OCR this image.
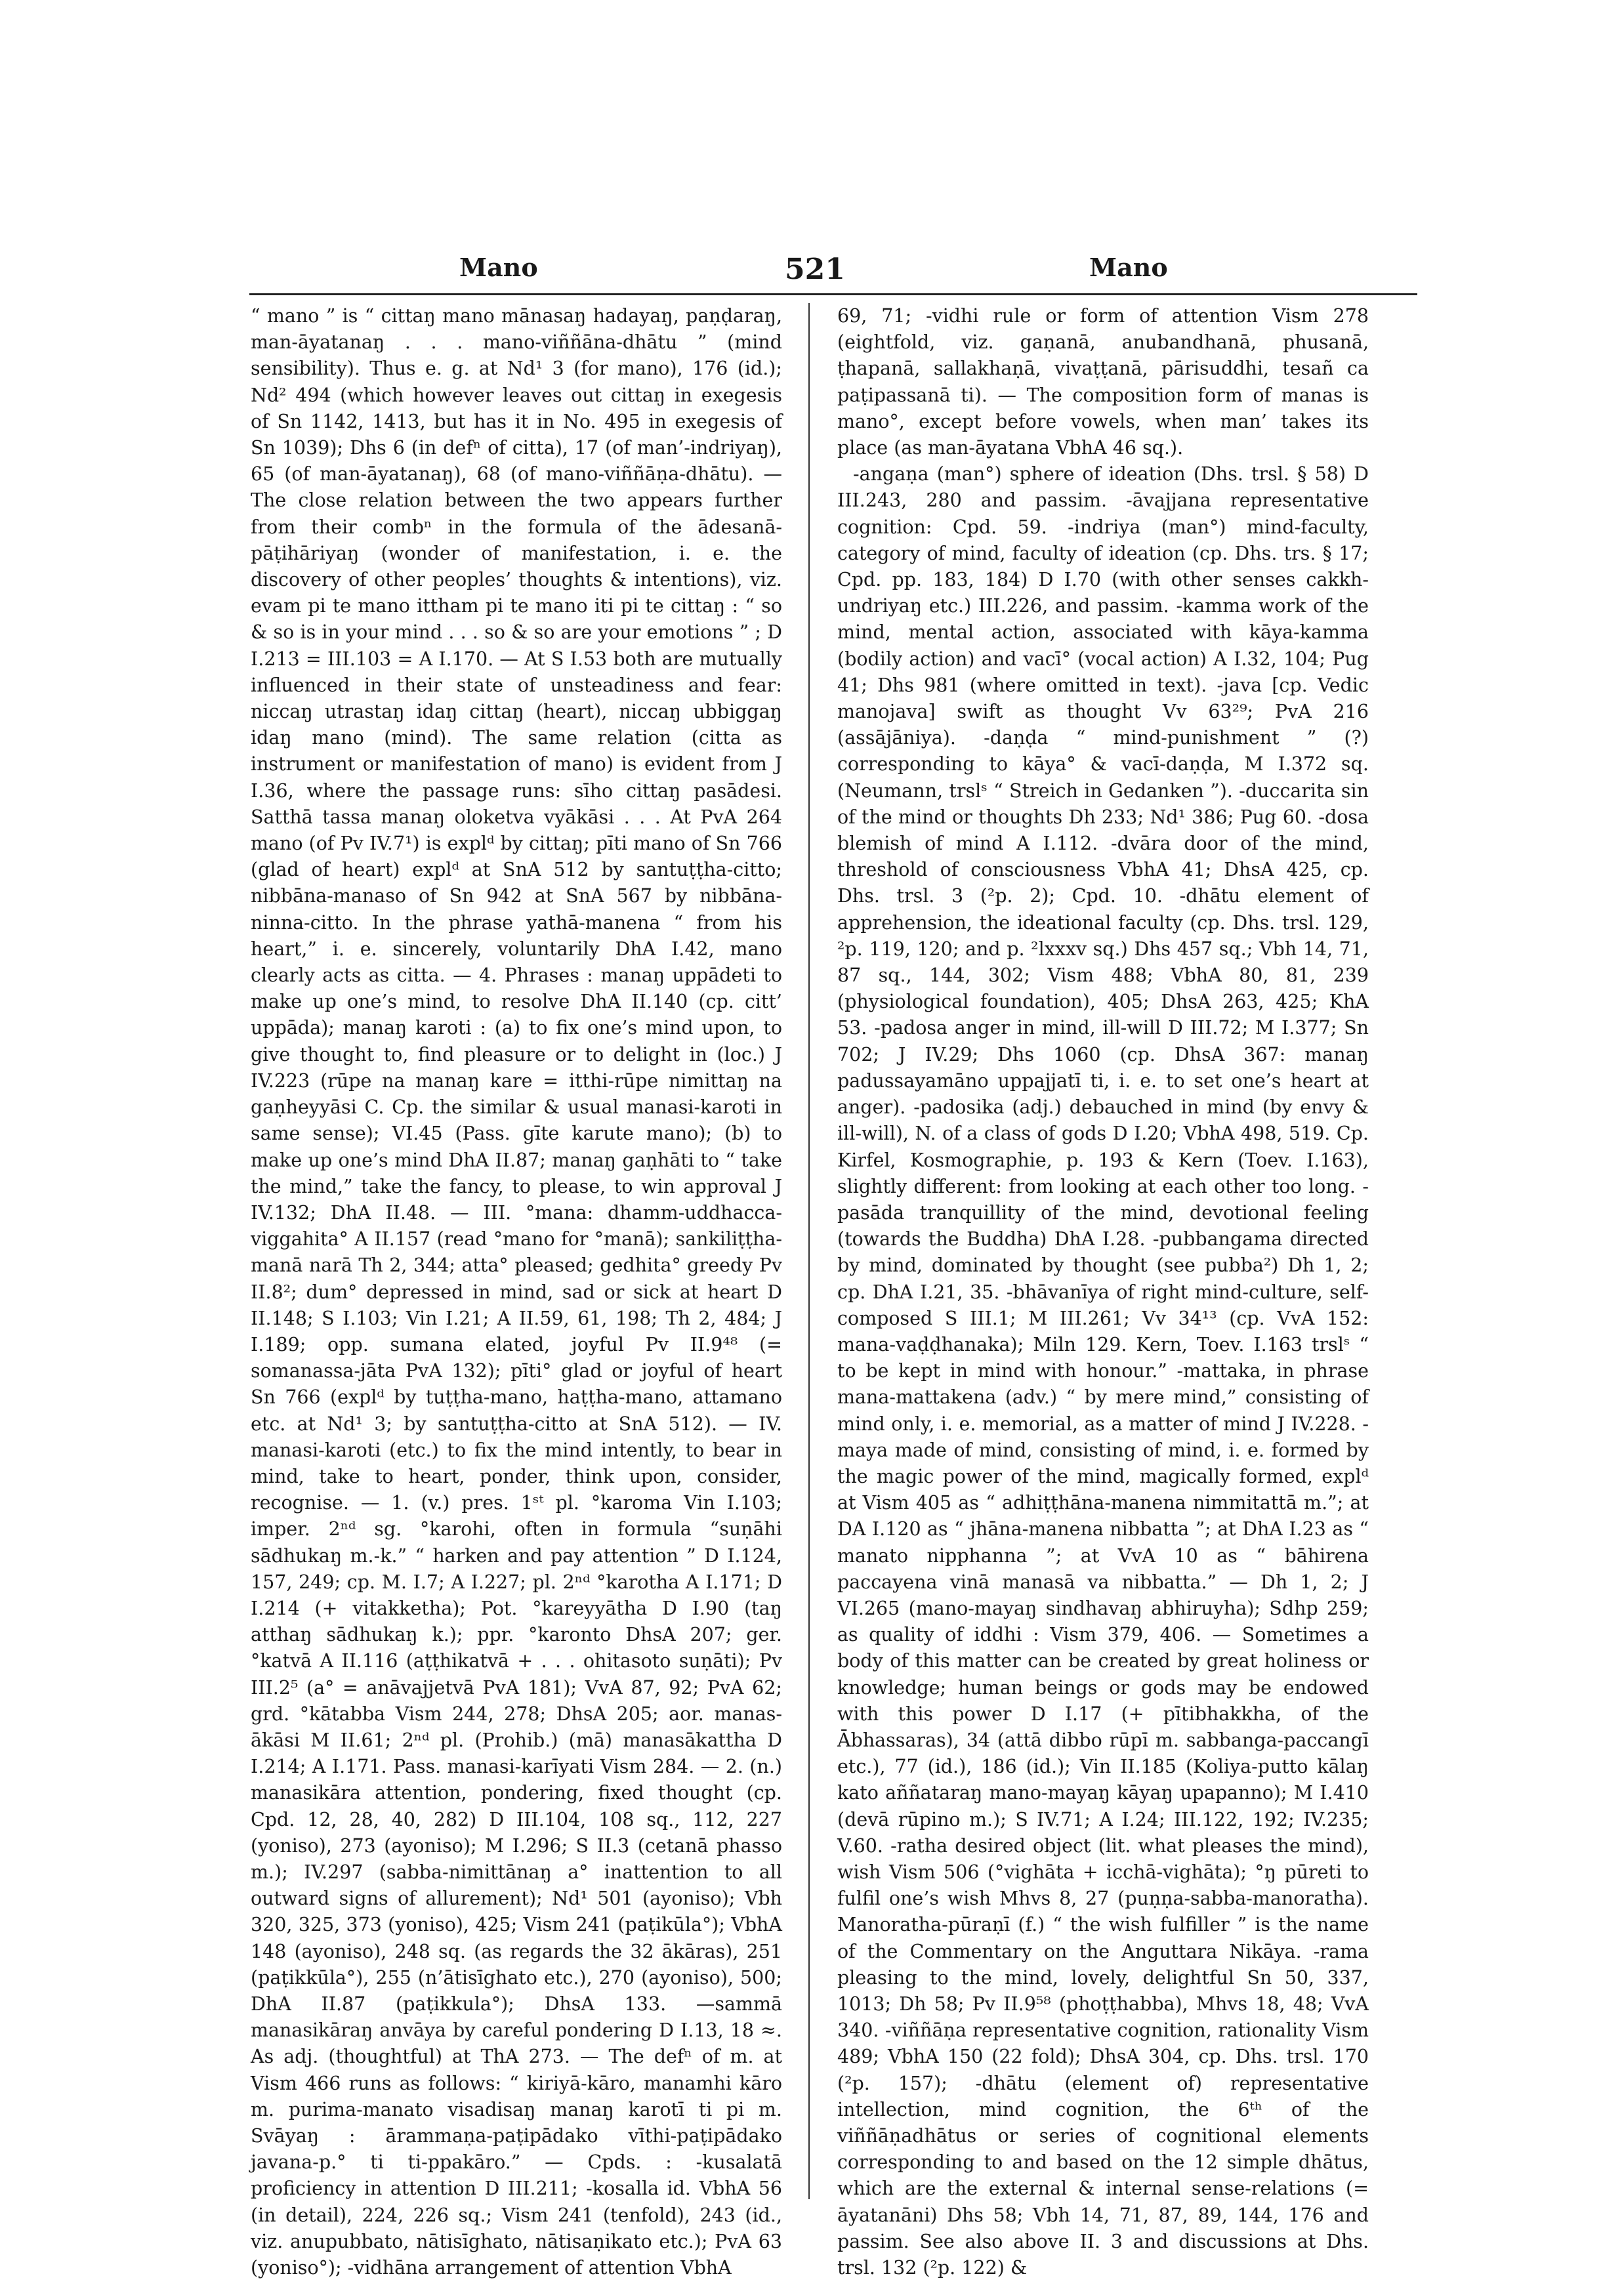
Mano	521	Mano

“ mano ” is “ cittaŋ mano mānasaŋ hadayaŋ, paṇḍaraŋ, man-āyatanaŋ . . . mano-viññāna-dhātu ” (mind sensibility). Thus e. g. at Nd¹ 3 (for mano), 176 (id.); Nd² 494 (which however leaves out cittaŋ in exegesis of Sn 1142, 1413, but has it in No. 495 in exegesis of Sn 1039); Dhs 6 (in defⁿ of citta), 17 (of man’-indriyaŋ), 65 (of man-āyatanaŋ), 68 (of mano-viññāṇa-dhātu). — The close relation between the two appears further from their combⁿ in the formula of the ādesanā-pāṭihāriyaŋ (wonder of manifestation, i. e. the discovery of other peoples’ thoughts & intentions), viz. evam pi te mano ittham pi te mano iti pi te cittaŋ : “ so & so is in your mind . . . so & so are your emotions ” ; D I.213 = III.103 = A I.170. — At S I.53 both are mutually influenced in their state of unsteadiness and fear: niccaŋ utrastaŋ idaŋ cittaŋ (heart), niccaŋ ubbiggaŋ idaŋ mano (mind). The same relation (citta as instrument or manifestation of mano) is evident from J I.36, where the passage runs: sīho cittaŋ pasādesi. Satthā tassa manaŋ oloketva vyākāsi . . . At PvA 264 mano (of Pv IV.7¹) is explᵈ by cittaŋ; pīti mano of Sn 766 (glad of heart) explᵈ at SnA 512 by santuṭṭha-citto; nibbāna-manaso of Sn 942 at SnA 567 by nibbāna-ninna-citto. In the phrase yathā-manena “ from his heart,” i. e. sincerely, voluntarily DhA I.42, mano clearly acts as citta. — 4. Phrases : manaŋ uppādeti to make up one’s mind, to resolve DhA II.140 (cp. citt’ uppāda); manaŋ karoti : (a) to fix one’s mind upon, to give thought to, find pleasure or to delight in (loc.) J IV.223 (rūpe na manaŋ kare = itthi-rūpe nimittaŋ na gaṇheyyāsi C. Cp. the similar & usual manasi-karoti in same sense); VI.45 (Pass. gīte karute mano); (b) to make up one’s mind DhA II.87; manaŋ gaṇhāti to “ take the mind,” take the fancy, to please, to win approval J IV.132; DhA II.48. — III. °mana: dhamm-uddhacca-viggahita° A II.157 (read °mano for °manā); sankiliṭṭha-manā narā Th 2, 344; atta° pleased; gedhita° greedy Pv II.8²; dum° depressed in mind, sad or sick at heart D II.148; S I.103; Vin I.21; A II.59, 61, 198; Th 2, 484; J I.189; opp. sumana elated, joyful Pv II.9⁴⁸ (= somanassa-jāta PvA 132); pīti° glad or joyful of heart Sn 766 (explᵈ by tuṭṭha-mano, haṭṭha-mano, attamano etc. at Nd¹ 3; by santuṭṭha-citto at SnA 512). — IV. manasi-karoti (etc.) to fix the mind intently, to bear in mind, take to heart, ponder, think upon, consider, recognise. — 1. (v.) pres. 1ˢᵗ pl. °karoma Vin I.103; imper. 2ⁿᵈ sg. °karohi, often in formula “suṇāhi sādhukaŋ m.-k.” “ harken and pay attention ” D I.124, 157, 249; cp. M. I.7; A I.227; pl. 2ⁿᵈ °karotha A I.171; D I.214 (+ vitakketha); Pot. °kareyyātha D I.90 (taŋ atthaŋ sādhukaŋ k.); ppr. °karonto DhsA 207; ger. °katvā A II.116 (aṭṭhikatvā + . . . ohitasoto suṇāti); Pv III.2⁵ (a° = anāvajjetvā PvA 181); VvA 87, 92; PvA 62; grd. °kātabba Vism 244, 278; DhsA 205; aor. manas-ākāsi M II.61; 2ⁿᵈ pl. (Prohib.) (mā) manasākattha D I.214; A I.171. Pass. manasi-karīyati Vism 284. — 2. (n.) manasikāra attention, pondering, fixed thought (cp. Cpd. 12, 28, 40, 282) D III.104, 108 sq., 112, 227 (yoniso), 273 (ayoniso); M I.296; S II.3 (cetanā phasso m.); IV.297 (sabba-nimittānaŋ a° inattention to all outward signs of allurement); Nd¹ 501 (ayoniso); Vbh 320, 325, 373 (yoniso), 425; Vism 241 (paṭikūla°); VbhA 148 (ayoniso), 248 sq. (as regards the 32 ākāras), 251 (paṭikkūla°), 255 (n’ātisīghato etc.), 270 (ayoniso), 500; DhA II.87 (paṭikkula°); DhsA 133. —sammā manasikāraŋ anvāya by careful pondering D I.13, 18 ≈. As adj. (thoughtful) at ThA 273. — The defⁿ of m. at Vism 466 runs as follows: “ kiriyā-kāro, manamhi kāro m. purima-manato visadisaŋ manaŋ karotī ti pi m. Svāyaŋ : ārammaṇa-paṭipādako vīthi-paṭipādako javana-p.° ti ti-ppakāro.” — Cpds. : -kusalatā proficiency in attention D III.211; -kosalla id. VbhA 56 (in detail), 224, 226 sq.; Vism 241 (tenfold), 243 (id., viz. anupubbato, nātisīghato, nātisaṇikato etc.); PvA 63 (yoniso°); -vidhāna arrangement of attention VbhA

69, 71; -vidhi rule or form of attention Vism 278 (eightfold, viz. gaṇanā, anubandhanā, phusanā, ṭhapanā, sallakhaṇā, vivaṭṭanā, pārisuddhi, tesañ ca paṭipassanā ti). — The composition form of manas is mano°, except before vowels, when man’ takes its place (as man-āyatana VbhA 46 sq.).

-angaṇa (man°) sphere of ideation (Dhs. trsl. § 58) D III.243, 280 and passim. -āvajjana representative cognition: Cpd. 59. -indriya (man°) mind-faculty, category of mind, faculty of ideation (cp. Dhs. trs. § 17; Cpd. pp. 183, 184) D I.70 (with other senses cakkh-undriyaŋ etc.) III.226, and passim. -kamma work of the mind, mental action, associated with kāya-kamma (bodily action) and vacī° (vocal action) A I.32, 104; Pug 41; Dhs 981 (where omitted in text). -java [cp. Vedic manojava] swift as thought Vv 63²⁹; PvA 216 (assājāniya). -daṇḍa “ mind-punishment ” (?) corresponding to kāya° & vacī-daṇḍa, M I.372 sq. (Neumann, trslˢ “ Streich in Gedanken ”). -duccarita sin of the mind or thoughts Dh 233; Nd¹ 386; Pug 60. -dosa blemish of mind A I.112. -dvāra door of the mind, threshold of consciousness VbhA 41; DhsA 425, cp. Dhs. trsl. 3 (²p. 2); Cpd. 10. -dhātu element of apprehension, the ideational faculty (cp. Dhs. trsl. 129, ²p. 119, 120; and p. ²lxxxv sq.) Dhs 457 sq.; Vbh 14, 71, 87 sq., 144, 302; Vism 488; VbhA 80, 81, 239 (physiological foundation), 405; DhsA 263, 425; KhA 53. -padosa anger in mind, ill-will D III.72; M I.377; Sn 702; J IV.29; Dhs 1060 (cp. DhsA 367: manaŋ padussayamāno uppajjatī ti, i. e. to set one’s heart at anger). -padosika (adj.) debauched in mind (by envy & ill-will), N. of a class of gods D I.20; VbhA 498, 519. Cp. Kirfel, Kosmographie, p. 193 & Kern (Toev. I.163), slightly different: from looking at each other too long. -pasāda tranquillity of the mind, devotional feeling (towards the Buddha) DhA I.28. -pubbangama directed by mind, dominated by thought (see pubba²) Dh 1, 2; cp. DhA I.21, 35. -bhāvanīya of right mind-culture, self-composed S III.1; M III.261; Vv 34¹³ (cp. VvA 152: mana-vaḍḍhanaka); Miln 129. Kern, Toev. I.163 trslˢ “ to be kept in mind with honour.” -mattaka, in phrase mana-mattakena (adv.) “ by mere mind,” consisting of mind only, i. e. memorial, as a matter of mind J IV.228. -maya made of mind, consisting of mind, i. e. formed by the magic power of the mind, magically formed, explᵈ at Vism 405 as “ adhiṭṭhāna-manena nimmitattā m.”; at DA I.120 as “ jhāna-manena nibbatta ”; at DhA I.23 as “ manato nipphanna ”; at VvA 10 as “ bāhirena paccayena vinā manasā va nibbatta.” — Dh 1, 2; J VI.265 (mano-mayaŋ sindhavaŋ abhiruyha); Sdhp 259; as quality of iddhi : Vism 379, 406. — Sometimes a body of this matter can be created by great holiness or knowledge; human beings or gods may be endowed with this power D I.17 (+ pītibhakkha, of the Ābhassaras), 34 (attā dibbo rūpī m. sabbanga-paccangī etc.), 77 (id.), 186 (id.); Vin II.185 (Koliya-putto kālaŋ kato aññataraŋ mano-mayaŋ kāyaŋ upapanno); M I.410 (devā rūpino m.); S IV.71; A I.24; III.122, 192; IV.235; V.60. -ratha desired object (lit. what pleases the mind), wish Vism 506 (°vighāta + icchā-vighāta); °ŋ pūreti to fulfil one’s wish Mhvs 8, 27 (puṇṇa-sabba-manoratha). Manoratha-pūraṇī (f.) “ the wish fulfiller ” is the name of the Commentary on the Anguttara Nikāya. -rama pleasing to the mind, lovely, delightful Sn 50, 337, 1013; Dh 58; Pv II.9⁵⁸ (phoṭṭhabba), Mhvs 18, 48; VvA 340. -viññāṇa representative cognition, rationality Vism 489; VbhA 150 (22 fold); DhsA 304, cp. Dhs. trsl. 170 (²p. 157); -dhātu (element of) representative intellection, mind cognition, the 6ᵗʰ of the viññāṇadhātus or series of cognitional elements corresponding to and based on the 12 simple dhātus, which are the external & internal sense-relations (= āyatanāni) Dhs 58; Vbh 14, 71, 87, 89, 144, 176 and passim. See also above II. 3 and discussions at Dhs. trsl. 132 (²p. 122) &
